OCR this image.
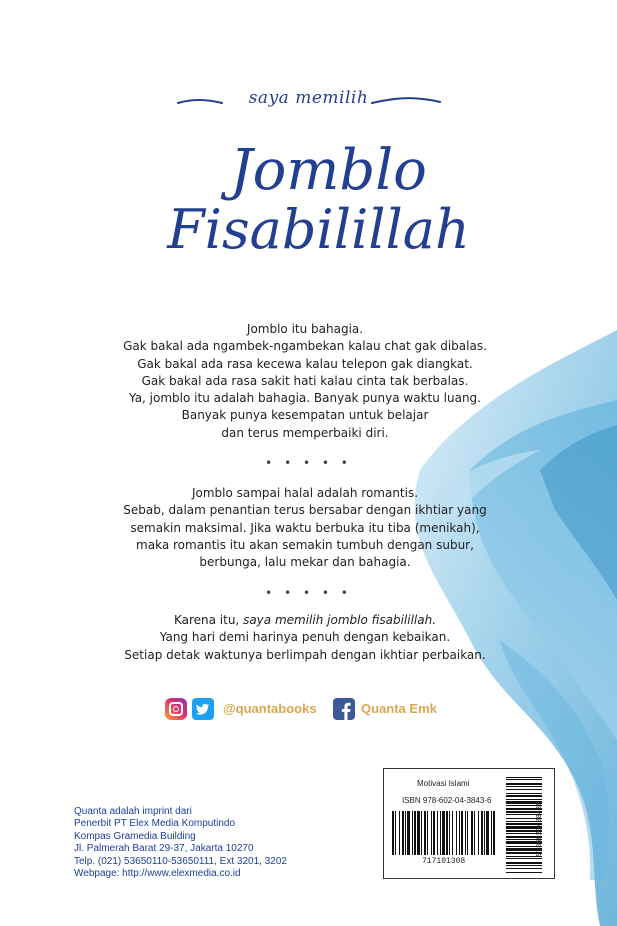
saya memilih
Jomblo
Fisabilillah
Jomblo itu bahagia.
Gak bakal ada ngambek-ngambekan kalau chat gak dibalas.
Gak bakal ada rasa kecewa kalau telepon gak diangkat.
Gak bakal ada rasa sakit hati kalau cinta tak berbalas.
Ya, jomblo itu adalah bahagia. Banyak punya waktu luang.
Banyak punya kesempatan untuk belajar
dan terus memperbaiki diri.
• • • • •
Jomblo sampai halal adalah romantis.
Sebab, dalam penantian terus bersabar dengan ikhtiar yang
semakin maksimal. Jika waktu berbuka itu tiba (menikah),
maka romantis itu akan semakin tumbuh dengan subur,
berbunga, lalu mekar dan bahagia.
• • • • •
Karena itu, saya memilih jomblo fisabilillah.
Yang hari demi harinya penuh dengan kebaikan.
Setiap detak waktunya berlimpah dengan ikhtiar perbaikan.
@quantabooks	Quanta Emk
Quanta adalah imprint dari
Penerbit PT Elex Media Komputindo
Kompas Gramedia Building
Jl. Palmerah Barat 29-37, Jakarta 10270
Telp. (021) 53650110-53650111, Ext 3201, 3202
Webpage: http://www.elexmedia.co.id
Motivasi Islami
ISBN 978-602-04-3843-6
717101308
9786020438436
